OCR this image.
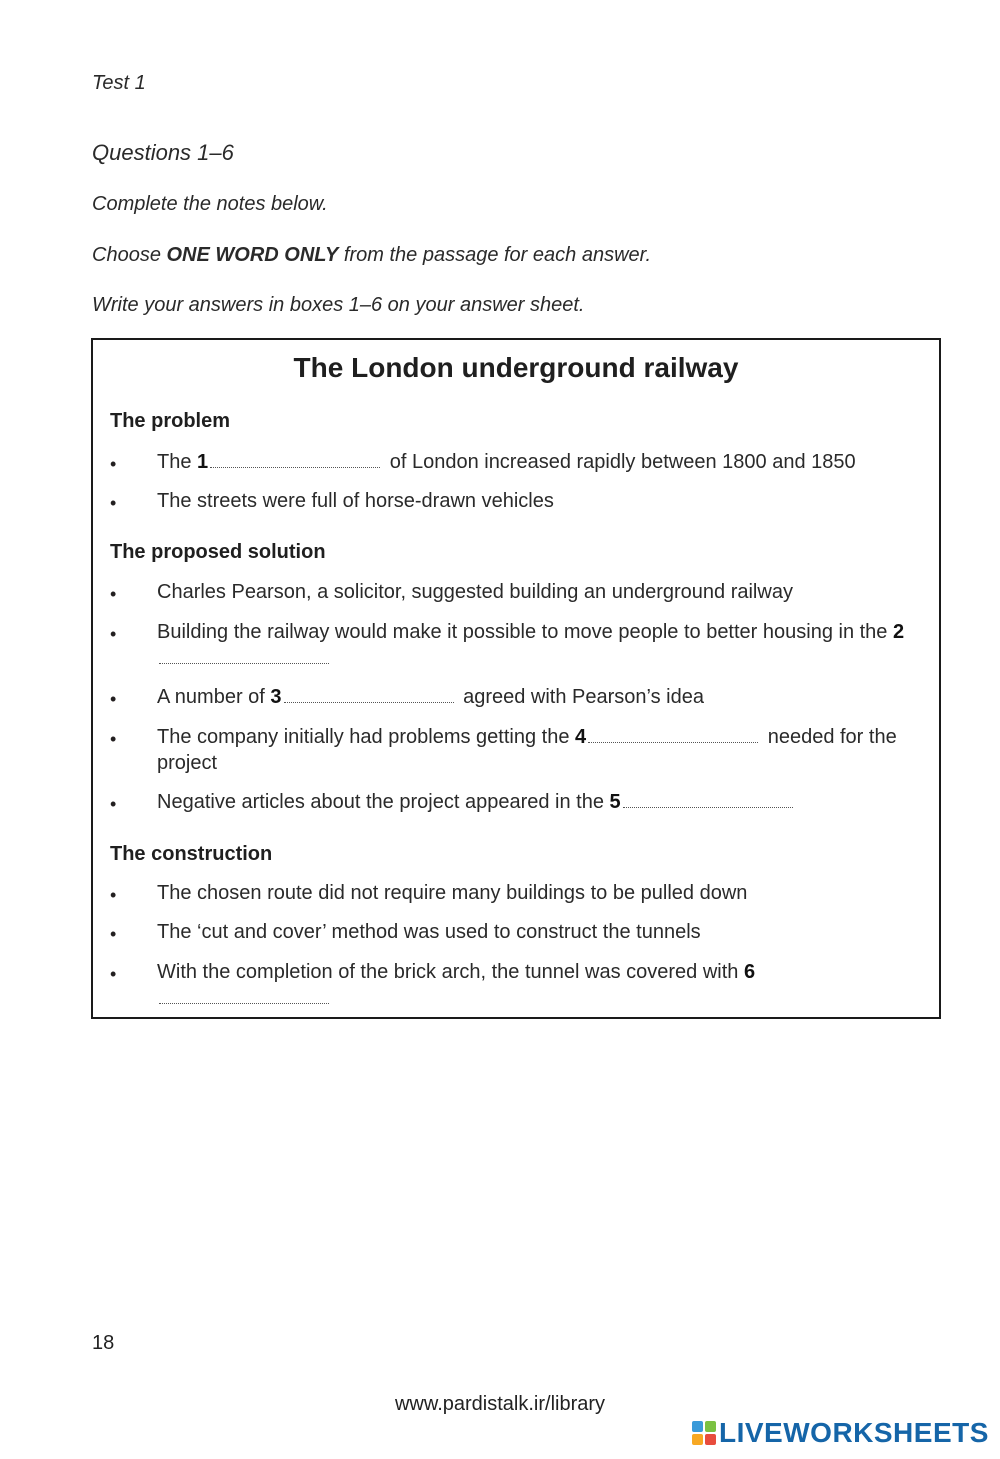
Test 1
Questions 1–6
Complete the notes below.
Choose ONE WORD ONLY from the passage for each answer.
Write your answers in boxes 1–6 on your answer sheet.
The London underground railway
The problem
•	The 1	of London increased rapidly between 1800 and 1850
•	The streets were full of horse-drawn vehicles
The proposed solution
•	Charles Pearson, a solicitor, suggested building an underground railway
•	Building the railway would make it possible to move people to better housing in the 2
•	A number of 3	agreed with Pearson’s idea
•	The company initially had problems getting the 4	needed for the project
•	Negative articles about the project appeared in the 5
The construction
•	The chosen route did not require many buildings to be pulled down
•	The ‘cut and cover’ method was used to construct the tunnels
•	With the completion of the brick arch, the tunnel was covered with 6
18
www.pardistalk.ir/library
LIVEWORKSHEETS
